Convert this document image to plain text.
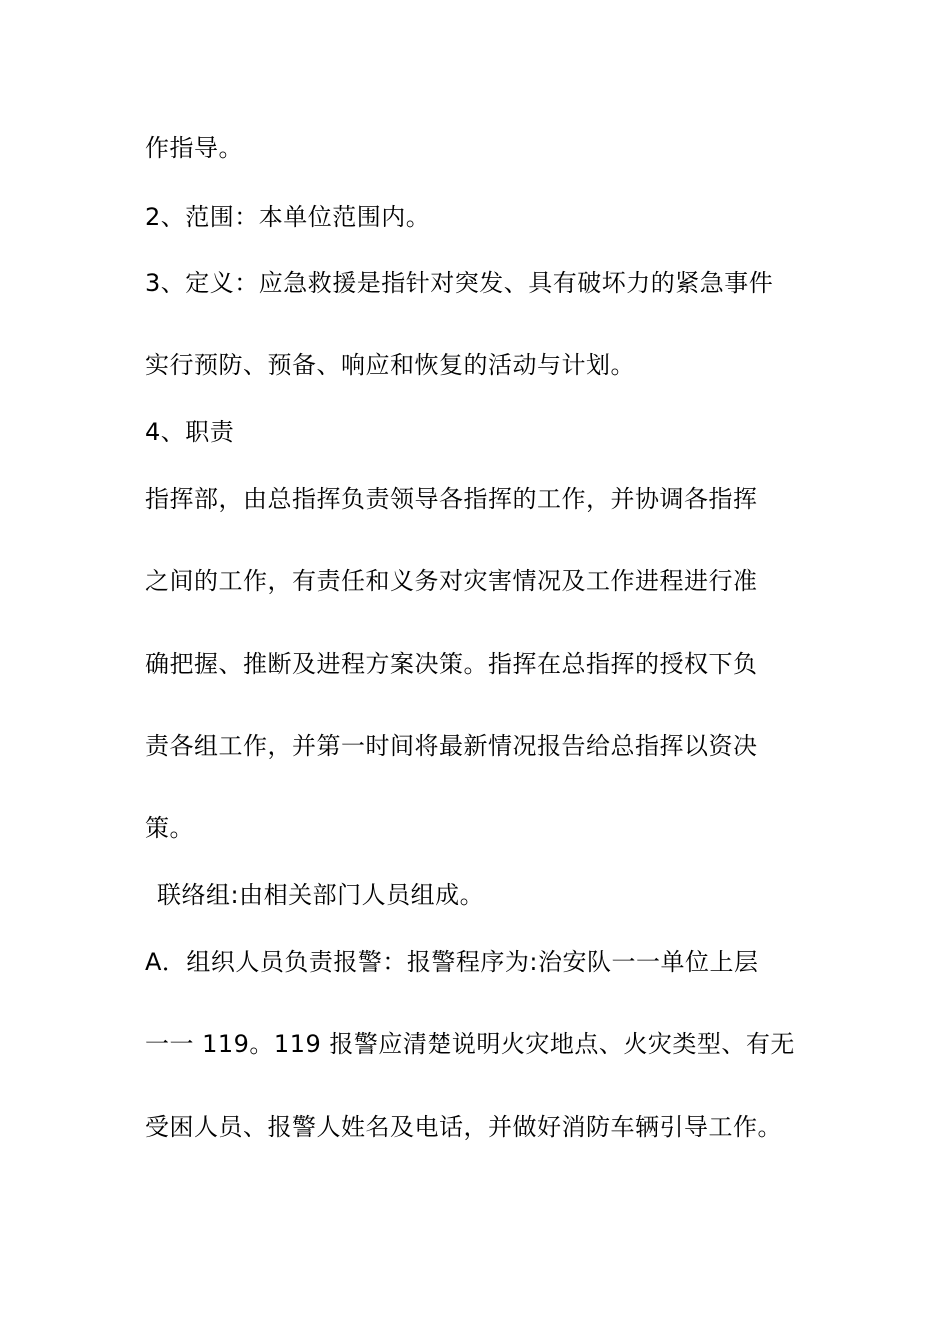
作指导。
2、范围：本单位范围内。
3、定义：应急救援是指针对突发、具有破坏力的紧急事件
实行预防、预备、响应和恢复的活动与计划。
4、职责
指挥部，由总指挥负责领导各指挥的工作，并协调各指挥
之间的工作，有责任和义务对灾害情况及工作进程进行准
确把握、推断及进程方案决策。指挥在总指挥的授权下负
责各组工作，并第一时间将最新情况报告给总指挥以资决
策。
联络组:由相关部门人员组成。
A．组织人员负责报警：报警程序为:治安队一一单位上层
一一 119。119 报警应清楚说明火灾地点、火灾类型、有无
受困人员、报警人姓名及电话，并做好消防车辆引导工作。
